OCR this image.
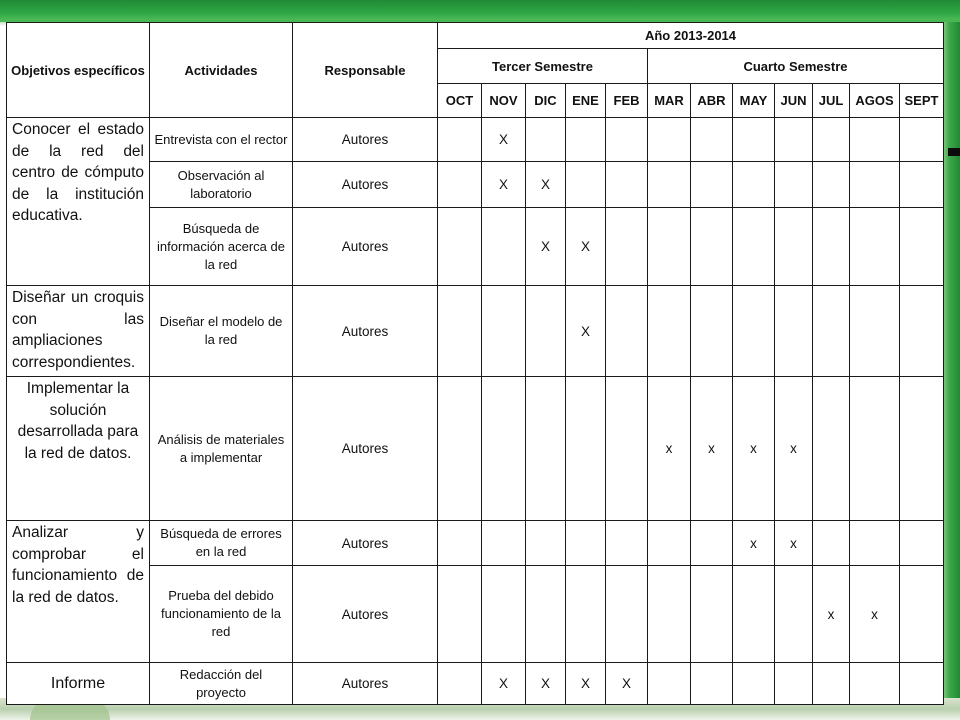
Objetivos específicos	Actividades	Responsable	Año 2013-2014											
			Tercer Semestre					Cuarto Semestre						
			OCT	NOV	DIC	ENE	FEB	MAR	ABR	MAY	JUN	JUL	AGOS	SEPT

Conocer el estado de la red del centro de cómputo de la institución educativa.	Entrevista con el rector	Autores		X										
	Observación al laboratorio	Autores		X	X									
	Búsqueda de información acerca de la red	Autores			X	X								

Diseñar un croquis con las ampliaciones correspondientes.	Diseñar el modelo de la red	Autores				X								

Implementar la solución desarrollada para la red de datos.	Análisis de materiales a implementar	Autores						x	x	x	x			

Analizar y comprobar el funcionamiento de la red de datos.	Búsqueda de errores en la red	Autores								x	x			
	Prueba del debido funcionamiento de la red	Autores										x	x	

Informe	Redacción del proyecto	Autores		X	X	X	X							
